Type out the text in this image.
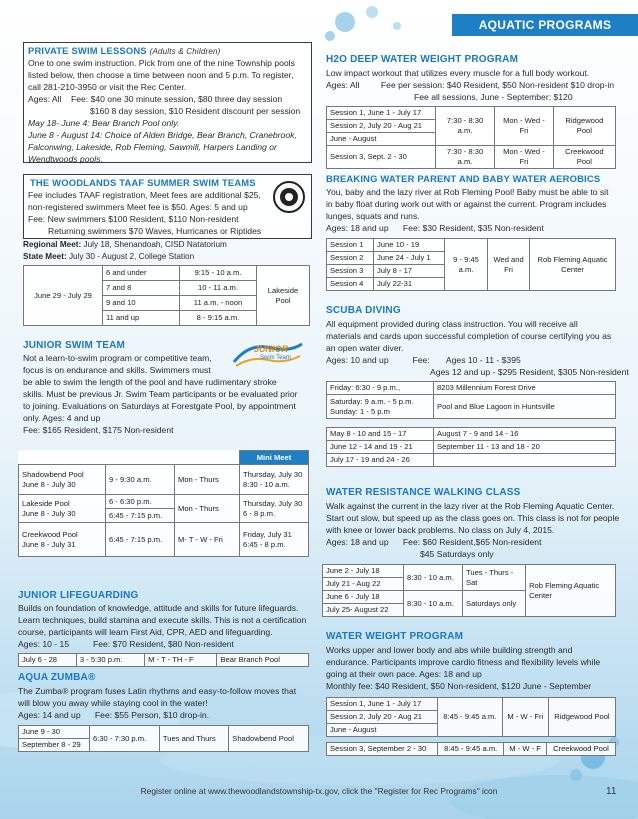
AQUATIC PROGRAMS
PRIVATE SWIM LESSONS (Adults & Children)
One to one swim instruction. Pick from one of the nine Township pools
listed below, then choose a time between noon and 5 p.m. To register,
call 281-210-3950 or visit the Rec Center.
Ages: All    Fee: $40 one 30 minute session, $80 three day session
$160 8 day session, $10 Resident discount per session
May 18- June 4: Bear Branch Pool only.
June 8 - August 14: Choice of Alden Bridge, Bear Branch, Cranebrook,
Falconwing, Lakeside, Rob Fleming, Sawmill, Harpers Landing or
Wendtwoods pools.
THE WOODLANDS TAAF SUMMER SWIM TEAMS
Fee includes TAAF registration, Meet fees are additional $25,
non-registered swimmers Meet fee is $50. Ages: 5 and up
Fee: New swimmers $100 Resident, $110 Non-resident
Returning swimmers $70 Waves, Hurricanes or Riptides
Regional Meet: July 18, Shenandoah, CISD Natatorium
State Meet: July 30 - August 2, College Station
June 29 - July 29	6 and under	9:15 - 10 a.m.	Lakeside Pool
	7 and 8	10 - 11 a.m.	
	9 and 10	11 a.m. - noon	
	11 and up	8 - 9:15 a.m.	
JUNIOR SWIM TEAM
Not a learn-to-swim program or competitive team,
focus is on endurance and skills. Swimmers must
be able to swim the length of the pool and have rudimentary stroke
skills. Must be previous Jr. Swim Team participants or be evaluated prior
to joining. Evaluations on Saturdays at Forestgate Pool, by appointment
only. Ages: 4 and up
Fee: $165 Resident, $175 Non-resident
JUNIOR
Swim Team
			Mini Meet
Shadowbend Pool
June 8 - July 30	9 - 9:30 a.m.	Mon - Thurs	Thursday, July 30
8:30 - 10 a.m.
Lakeside Pool
June 8 - July 30	6 - 6:30 p.m.	Mon - Thurs	Thursday, July 30
6 - 8 p.m.
	6:45 - 7:15 p.m.		
Creekwood Pool
June 8 - July 31	6:45 - 7:15 p.m.	M- T - W - Fri	Friday, July 31
6:45 - 8 p.m.
JUNIOR LIFEGUARDING
Builds on foundation of knowledge, attitude and skills for future lifeguards.
Learn techniques, build stamina and execute skills. This is not a certification
course, participants will learn First Aid, CPR, AED and lifeguarding.
Ages: 10 - 15          Fee: $70 Resident, $80 Non-resident
July 6 - 28	3 - 5:30 p.m.	M - T - TH - F	Bear Branch Pool
AQUA ZUMBA®
The Zumba® program fuses Latin rhythms and easy-to-follow moves that
will blow you away while staying cool in the water!
Ages: 14 and up      Fee: $55 Person, $10 drop-in.
June 9 - 30	6:30 - 7:30 p.m.	Tues and Thurs	Shadowbend Pool
September 8 - 29
H2O DEEP WATER WEIGHT PROGRAM
Low impact workout that utilizes every muscle for a full body workout.
Ages: All         Fee per session: $40 Resident, $50 Non-resident $10 drop-in
Fee all sessions, June - September: $120
Session 1, June 1 - July 17	7:30 - 8:30 a.m.	Mon - Wed - Fri	Ridgewood Pool
Session 2, July 20 - Aug 21			
June - August			
Session 3, Sept. 2 - 30	7:30 - 8:30 a.m.	Mon - Wed - Fri	Creekwood Pool
BREAKING WATER PARENT AND BABY WATER AEROBICS
You, baby and the lazy river at Rob Fleming Pool! Baby must be able to sit
in baby float during work out with or against the current. Program includes
lunges, squats and runs.
Ages: 18 and up      Fee: $30 Resident, $35 Non-resident
Session 1	June 10 - 19	9 - 9:45 a.m.	Wed and Fri	Rob Fleming Aquatic Center
Session 2	June 24 - July 1			
Session 3	July 8 - 17			
Session 4	July 22-31			
SCUBA DIVING
All equipment provided during class instruction. You will receive all
materials and cards upon successful completion of course certifying you as
an open water diver.
Ages: 10 and up          Fee:       Ages 10 - 11 - $395
Ages 12 and up - $295 Resident, $305 Non-resident
Friday: 6:30 - 9 p.m.,	8203 Millennium Forest Drive
Saturday: 9 a.m. - 5 p.m.
Sunday: 1 - 5 p.m	Pool and Blue Lagoon in Huntsville
May 8 - 10 and 15 - 17	August 7 - 9 and 14 - 16
June 12 - 14 and 19 - 21	September 11 - 13 and 18 - 20
July 17 - 19 and 24 - 26	
WATER RESISTANCE WALKING CLASS
Walk against the current in the lazy river at the Rob Fleming Aquatic Center.
Start out slow, but speed up as the class goes on. This class is not for people
with knee or lower back problems. No class on July 4, 2015.
Ages: 18 and up      Fee: $60 Resident,$65 Non-resident
$45 Saturdays only
June 2 - July 18	8:30 - 10 a.m.	Tues - Thurs - Sat	Rob Fleming Aquatic Center
July 21 - Aug 22			
June 6 - July 18	8:30 - 10 a.m.	Saturdays only	
July 25- August 22			
WATER WEIGHT PROGRAM
Works upper and lower body and abs while building strength and
endurance. Participants improve cardio fitness and flexibility levels while
going at their own pace. Ages: 18 and up
Monthly fee: $40 Resident, $50 Non-resident, $120 June - September
Session 1, June 1 - July 17	8:45 - 9:45 a.m.	M - W - Fri	Ridgewood Pool
Session 2, July 20 - Aug 21
June - August
Session 3, September 2 - 30	8:45 - 9:45 a.m.	M - W - F	Creekwood Pool
Register online at www.thewoodlandstownship-tx.gov, click the "Register for Rec Programs" icon	11
